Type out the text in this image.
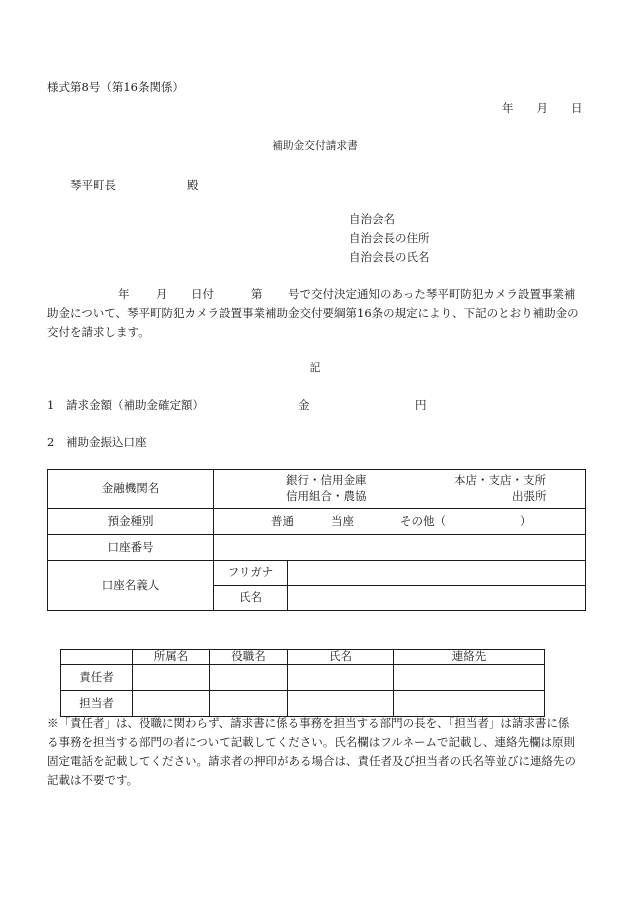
様式第8号（第16条関係）
年　　月　　日
補助金交付請求書
琴平町長	殿
自治会名
自治会長の住所
自治会長の氏名
年 月 日付	第 号で交付決定通知のあった琴平町防犯カメラ設置事業補
助金について、琴平町防犯カメラ設置事業補助金交付要綱第16条の規定により、下記のとおり補助金の
交付を請求します。
記
1 請求金額（補助金確定額）	金	円
2 補助金振込口座
金融機関名	銀行・信用金庫
信用組合・農協
本店・支店・支所
出張所	

預金種別	普通 当座 その他（ ）	

口座番号		
口座名義人	フリガナ	
	氏名	
	所属名	役職名	氏名	連絡先
責任者				
担当者				
※「責任者」は、役職に関わらず、請求書に係る事務を担当する部門の長を、「担当者」は請求書に係
る事務を担当する部門の者について記載してください。氏名欄はフルネームで記載し、連絡先欄は原則
固定電話を記載してください。請求者の押印がある場合は、責任者及び担当者の氏名等並びに連絡先の
記載は不要です。
